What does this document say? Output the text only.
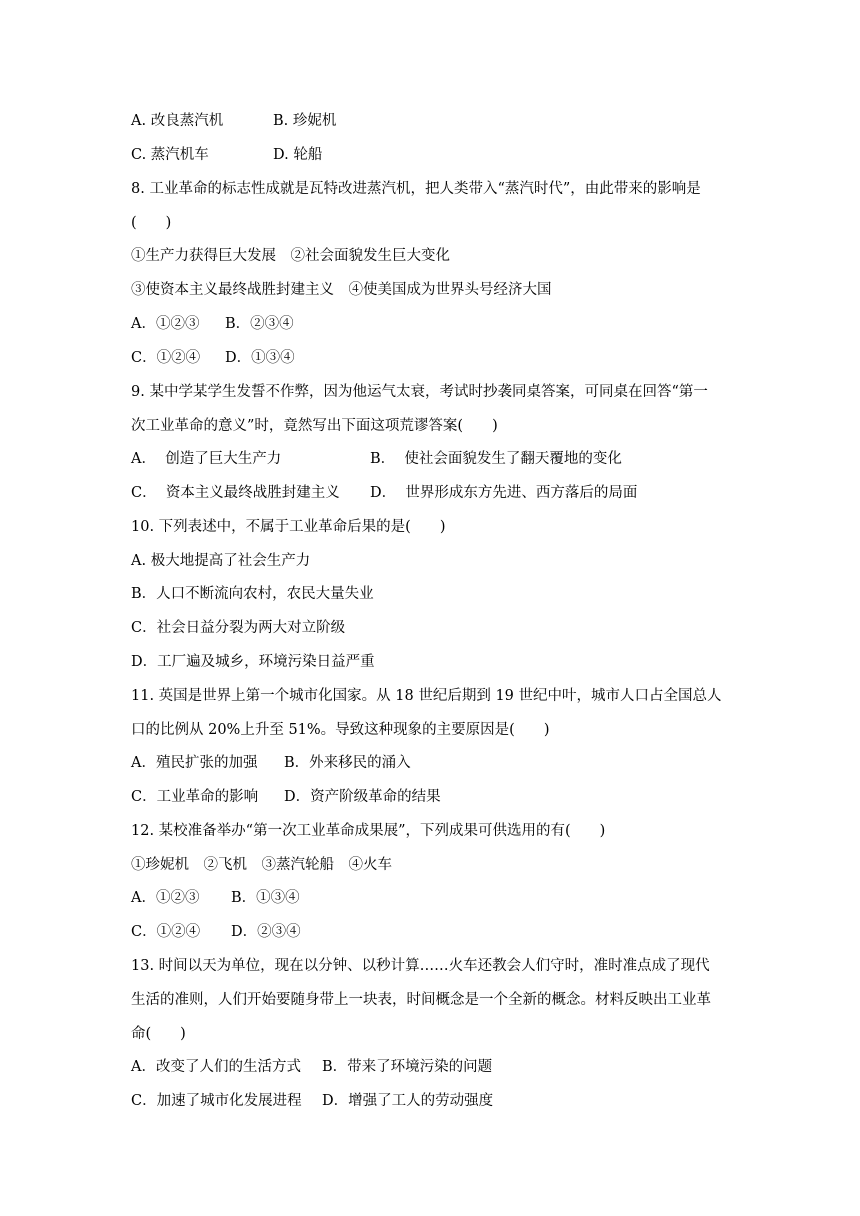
A. 改良蒸汽机

	B. 珍妮机

C. 蒸汽机车

	D. 轮船

8. 工业革命的标志性成就是瓦特改进蒸汽机，把人类带入“蒸汽时代”，由此带来的影响是
(　　)
①生产力获得巨大发展　②社会面貌发生巨大变化
③使资本主义最终战胜封建主义　④使美国成为世界头号经济大国

A．①②③

B．②③④

C．①②④

D．①③④

9. 某中学某学生发誓不作弊，因为他运气太衰，考试时抄袭同桌答案，可同桌在回答“第一
次工业革命的意义”时，竟然写出下面这项荒谬答案(　　)

A．  创造了巨大生产力

	B．  使社会面貌发生了翻天覆地的变化

C．  资本主义最终战胜封建主义

D．  世界形成东方先进、西方落后的局面

10. 下列表述中，不属于工业革命后果的是(　　)
A. 极大地提高了社会生产力
B．人口不断流向农村，农民大量失业
C．社会日益分裂为两大对立阶级
D．工厂遍及城乡，环境污染日益严重
11. 英国是世界上第一个城市化国家。从 18 世纪后期到 19 世纪中叶，城市人口占全国总人
口的比例从 20%上升至 51%。导致这种现象的主要原因是(　　)

A．殖民扩张的加强

B．外来移民的涌入

C．工业革命的影响

D．资产阶级革命的结果

12. 某校准备举办“第一次工业革命成果展”，下列成果可供选用的有(　　)
①珍妮机　②飞机　③蒸汽轮船　④火车

A．①②③

B．①③④

C．①②④

D．②③④

13. 时间以天为单位，现在以分钟、以秒计算……火车还教会人们守时，准时准点成了现代
生活的准则，人们开始要随身带上一块表，时间概念是一个全新的概念。材料反映出工业革
命(　　)

A．改变了人们的生活方式

B．带来了环境污染的问题

C．加速了城市化发展进程

D．增强了工人的劳动强度
